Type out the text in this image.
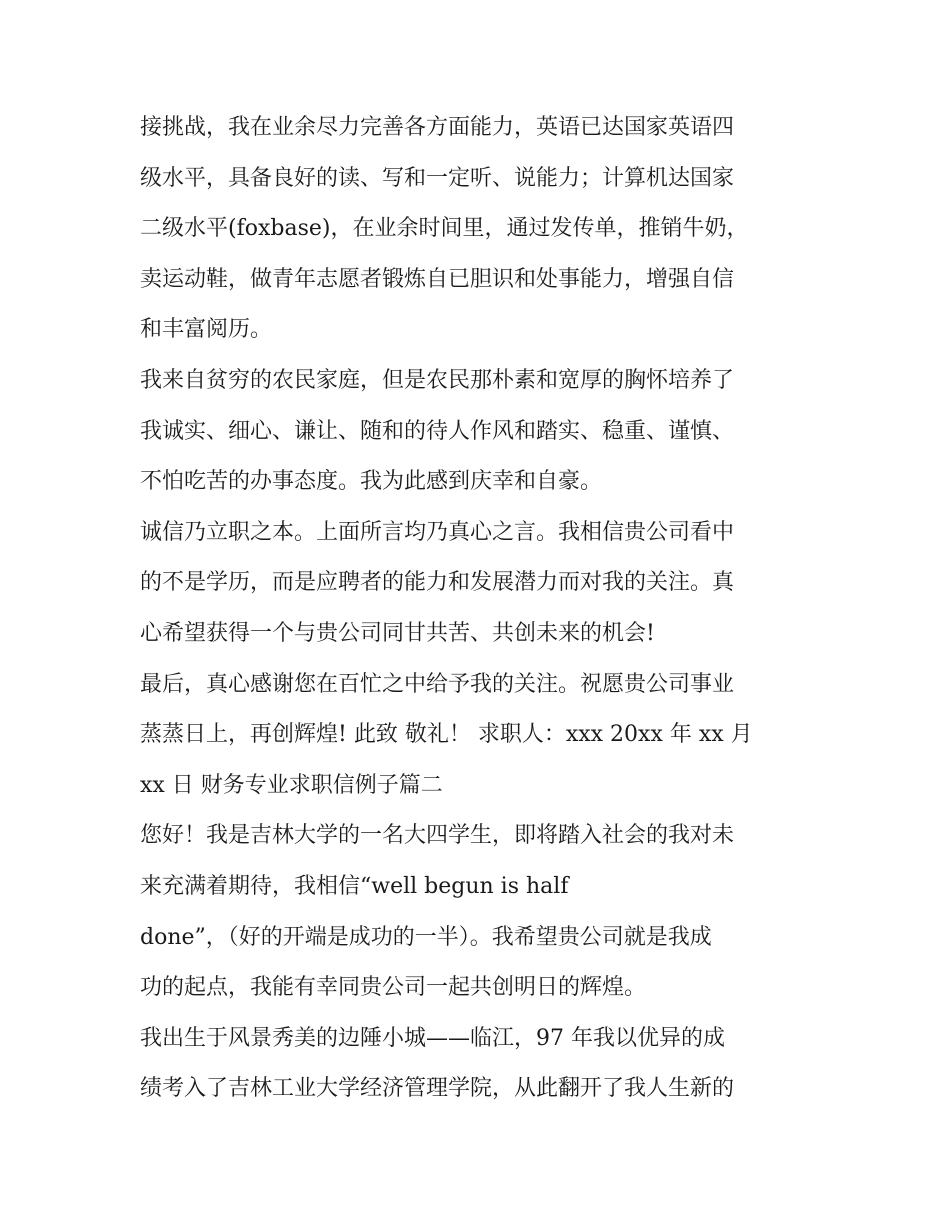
接挑战，我在业余尽力完善各方面能力，英语已达国家英语四
级水平，具备良好的读、写和一定听、说能力；计算机达国家
二级水平(foxbase)，在业余时间里，通过发传单，推销牛奶，
卖运动鞋，做青年志愿者锻炼自已胆识和处事能力，增强自信
和丰富阅历。
我来自贫穷的农民家庭，但是农民那朴素和宽厚的胸怀培养了
我诚实、细心、谦让、随和的待人作风和踏实、稳重、谨慎、
不怕吃苦的办事态度。我为此感到庆幸和自豪。
诚信乃立职之本。上面所言均乃真心之言。我相信贵公司看中
的不是学历，而是应聘者的能力和发展潜力而对我的关注。真
心希望获得一个与贵公司同甘共苦、共创未来的机会!
最后，真心感谢您在百忙之中给予我的关注。祝愿贵公司事业
蒸蒸日上，再创辉煌! 此致 敬礼！ 求职人：xxx 20xx 年 xx 月
xx 日 财务专业求职信例子篇二
您好！我是吉林大学的一名大四学生，即将踏入社会的我对未
来充满着期待，我相信“well begun is half
done”，（好的开端是成功的一半）。我希望贵公司就是我成
功的起点，我能有幸同贵公司一起共创明日的辉煌。
我出生于风景秀美的边陲小城——临江，97 年我以优异的成
绩考入了吉林工业大学经济管理学院，从此翻开了我人生新的
